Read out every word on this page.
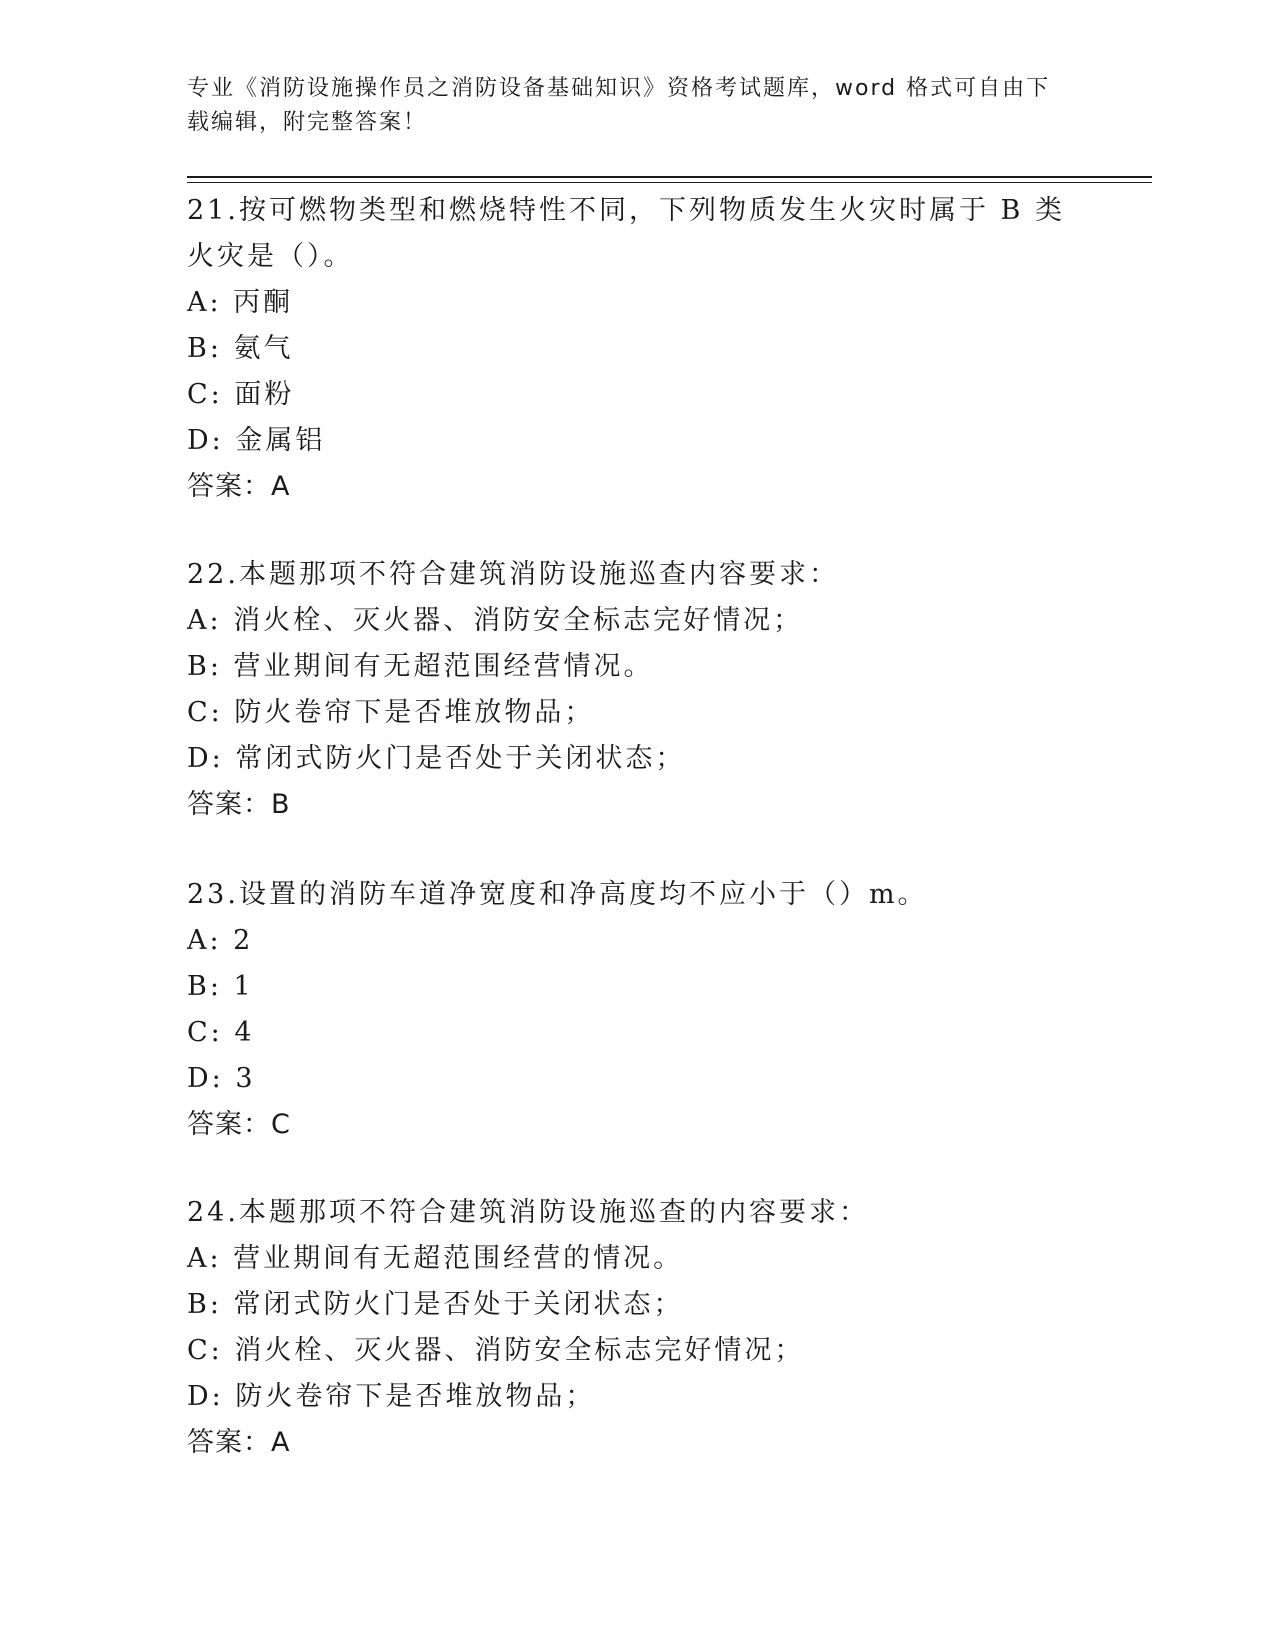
专业《消防设施操作员之消防设备基础知识》资格考试题库，word 格式可自由下
载编辑，附完整答案！
21.按可燃物类型和燃烧特性不同，下列物质发生火灾时属于 B 类火灾是（）。
A: 丙酮
B: 氨气
C: 面粉
D: 金属铝
答案：A
22.本题那项不符合建筑消防设施巡查内容要求：
A: 消火栓、灭火器、消防安全标志完好情况；
B: 营业期间有无超范围经营情况。
C: 防火卷帘下是否堆放物品；
D: 常闭式防火门是否处于关闭状态；
答案：B
23.设置的消防车道净宽度和净高度均不应小于（）m。
A: 2
B: 1
C: 4
D: 3
答案：C
24.本题那项不符合建筑消防设施巡查的内容要求：
A: 营业期间有无超范围经营的情况。
B: 常闭式防火门是否处于关闭状态；
C: 消火栓、灭火器、消防安全标志完好情况；
D: 防火卷帘下是否堆放物品；
答案：A
